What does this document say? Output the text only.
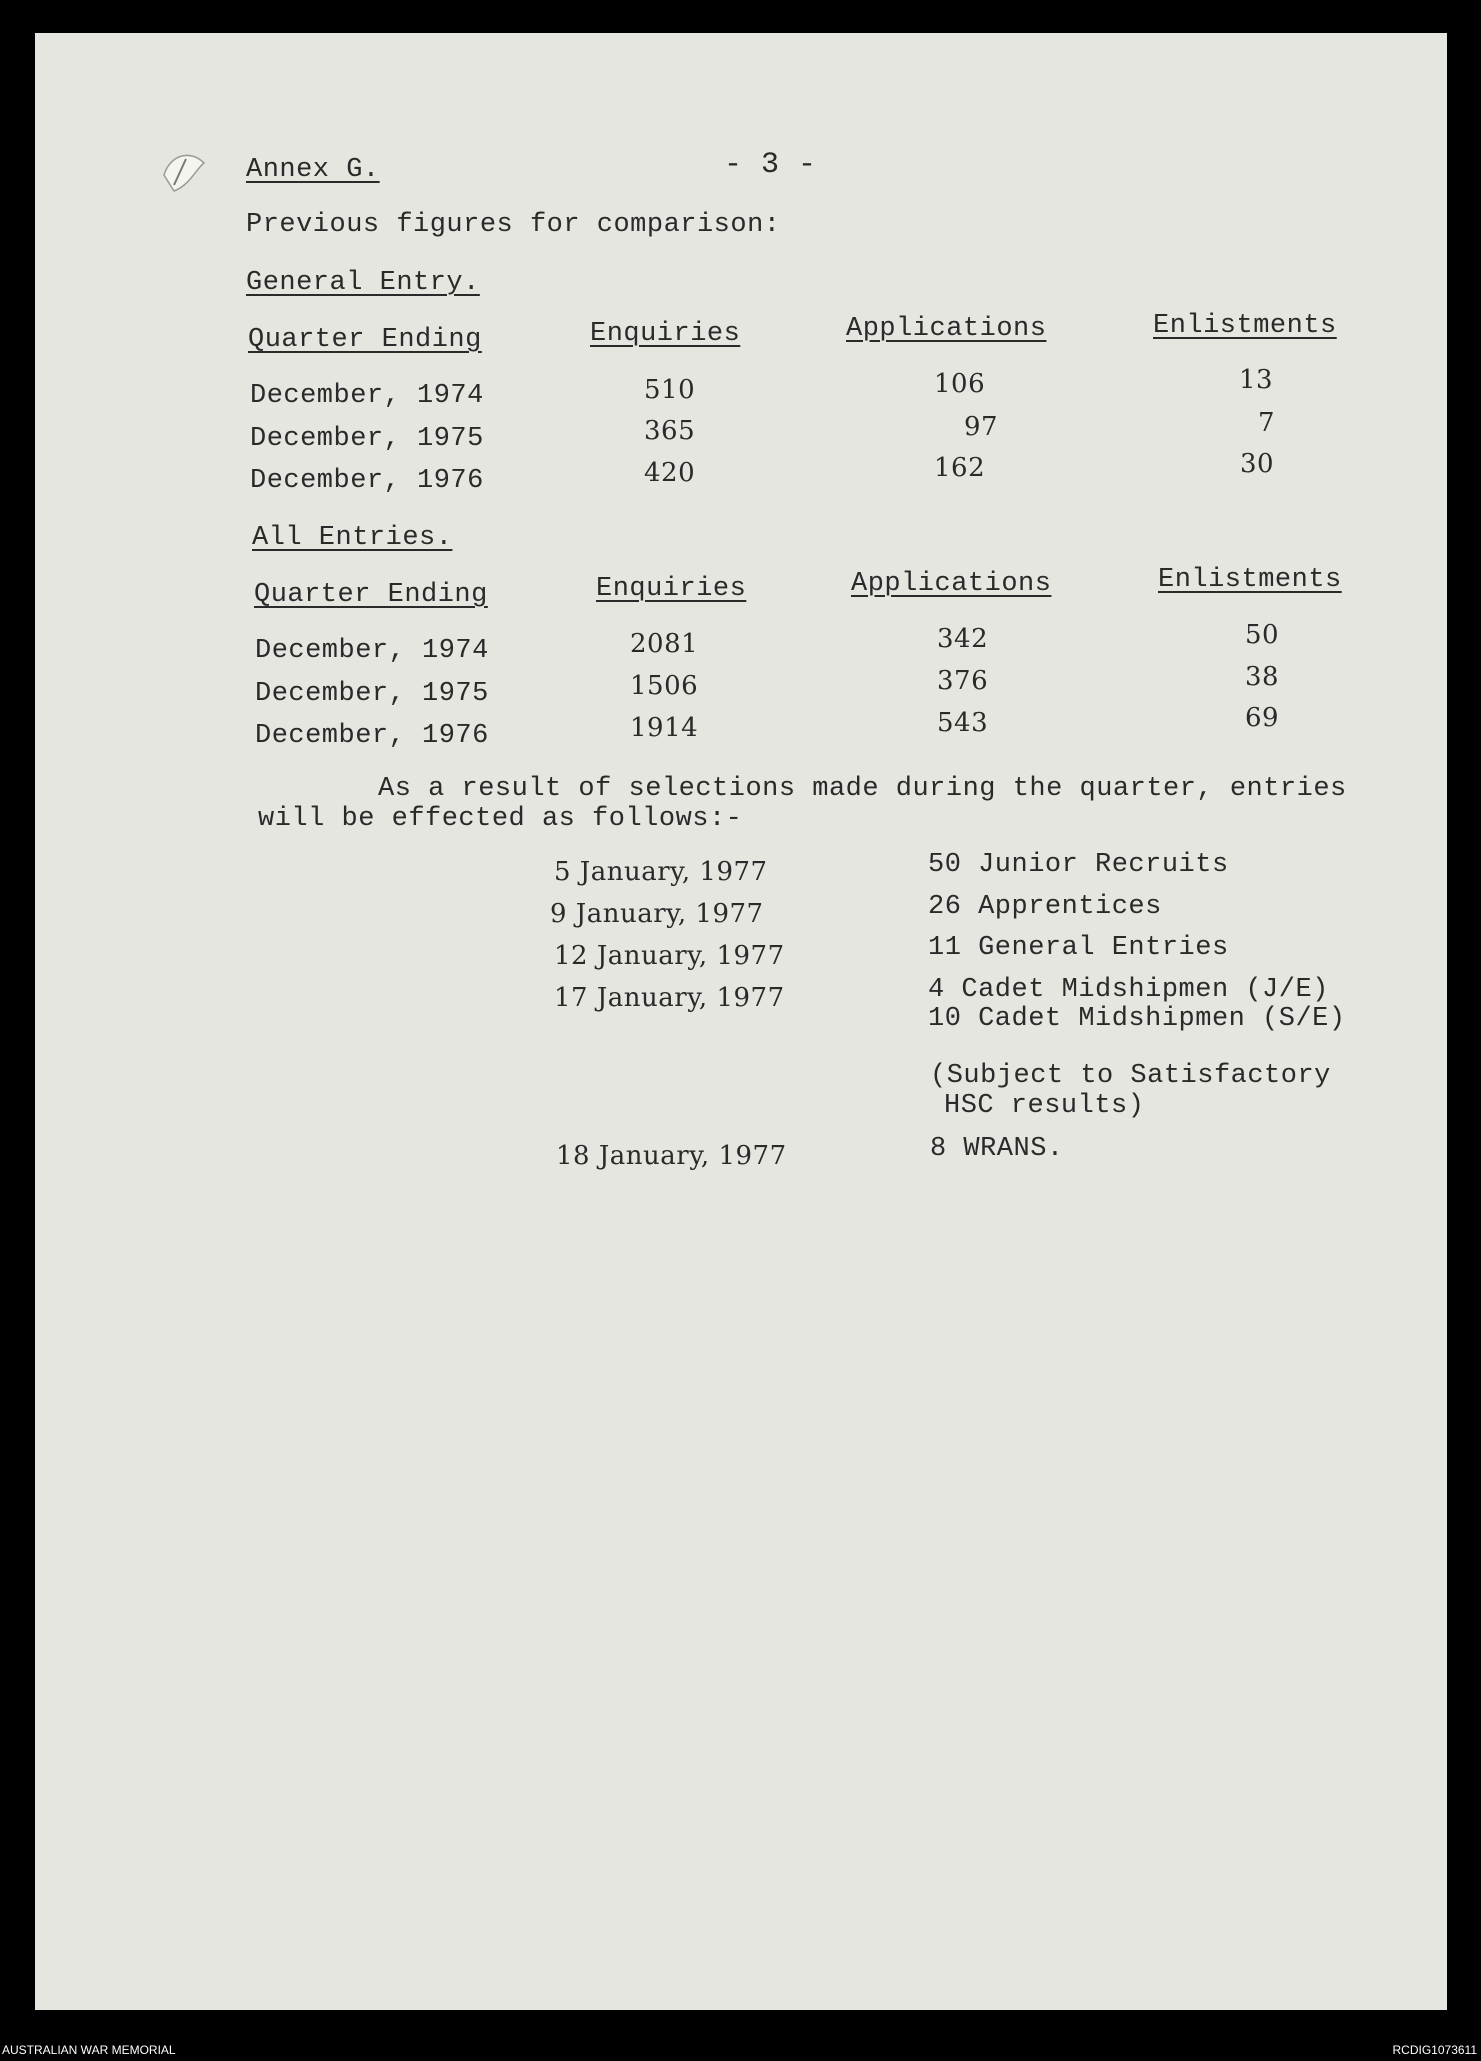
Annex G.	- 3 -
Previous figures for comparison:
General Entry.
Quarter Ending	Enquiries	Applications	Enlistments
December, 1974	510	106	13
December, 1975	365	97	7
December, 1976	420	162	30
All Entries.
Quarter Ending	Enquiries	Applications	Enlistments
December, 1974	2081	342	50
December, 1975	1506	376	38
December, 1976	1914	543	69
As a result of selections made during the quarter, entries
will be effected as follows:-
5 January, 1977	50 Junior Recruits
9 January, 1977	26 Apprentices
12 January, 1977	11 General Entries
17 January, 1977	4 Cadet Midshipmen (J/E)
10 Cadet Midshipmen (S/E)
(Subject to Satisfactory
HSC results)
18 January, 1977	8 WRANS.
AUSTRALIAN WAR MEMORIAL	RCDIG1073611
